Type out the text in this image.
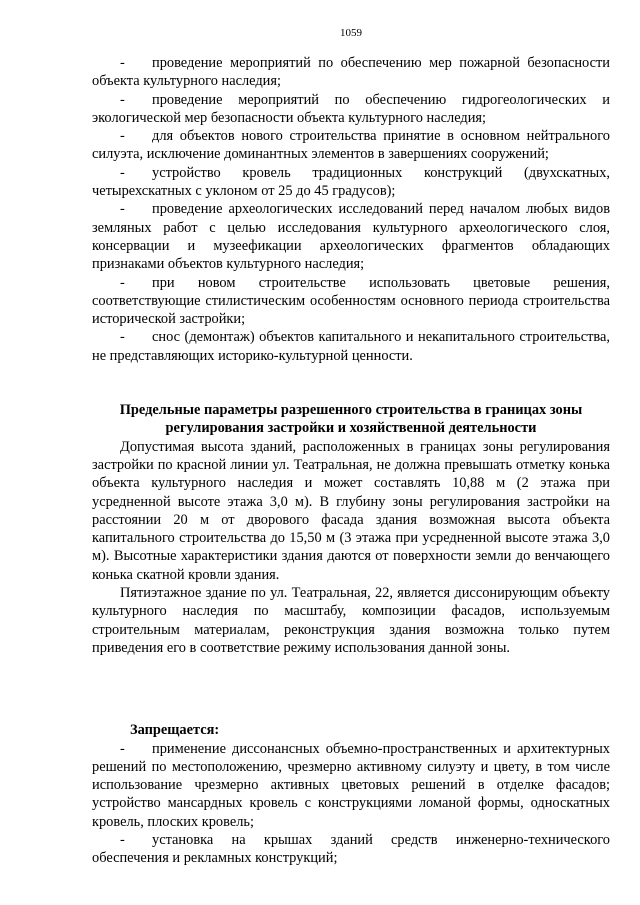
1059

- проведение мероприятий по обеспечению мер пожарной безопасности объекта культурного наследия;

- проведение мероприятий по обеспечению гидрогеологических и экологической мер безопасности объекта культурного наследия;

- для объектов нового строительства принятие в основном нейтрального силуэта, исключение доминантных элементов в завершениях сооружений;

- устройство кровель традиционных конструкций (двухскатных, четырехскатных с уклоном от 25 до 45 градусов);

- проведение археологических исследований перед началом любых видов земляных работ с целью исследования культурного археологического слоя, консервации и музеефикации археологических фрагментов обладающих признаками объектов культурного наследия;

- при новом строительстве использовать цветовые решения, соответствующие стилистическим особенностям основного периода строительства исторической застройки;

- снос (демонтаж) объектов капитального и некапитального строительства, не представляющих историко-культурной ценности.

Предельные параметры разрешенного строительства в границах зоны регулирования застройки и хозяйственной деятельности

Допустимая высота зданий, расположенных в границах зоны регулирования застройки по красной линии ул. Театральная, не должна превышать отметку конька объекта культурного наследия и может составлять 10,88 м (2 этажа при усредненной высоте этажа 3,0 м). В глубину зоны регулирования застройки на расстоянии 20 м от дворового фасада здания возможная высота объекта капитального строительства до 15,50 м (3 этажа при усредненной высоте этажа 3,0 м). Высотные характеристики здания даются от поверхности земли до венчающего конька скатной кровли здания.

Пятиэтажное здание по ул. Театральная, 22, является диссонирующим объекту культурного наследия по масштабу, композиции фасадов, используемым строительным материалам, реконструкция здания возможна только путем приведения его в соответствие режиму использования данной зоны.

Запрещается:

- применение диссонансных объемно-пространственных и архитектурных решений по местоположению, чрезмерно активному силуэту и цвету, в том числе использование чрезмерно активных цветовых решений в отделке фасадов; устройство мансардных кровель с конструкциями ломаной формы, односкатных кровель, плоских кровель;

- установка на крышах зданий средств инженерно-технического обеспечения и рекламных конструкций;
